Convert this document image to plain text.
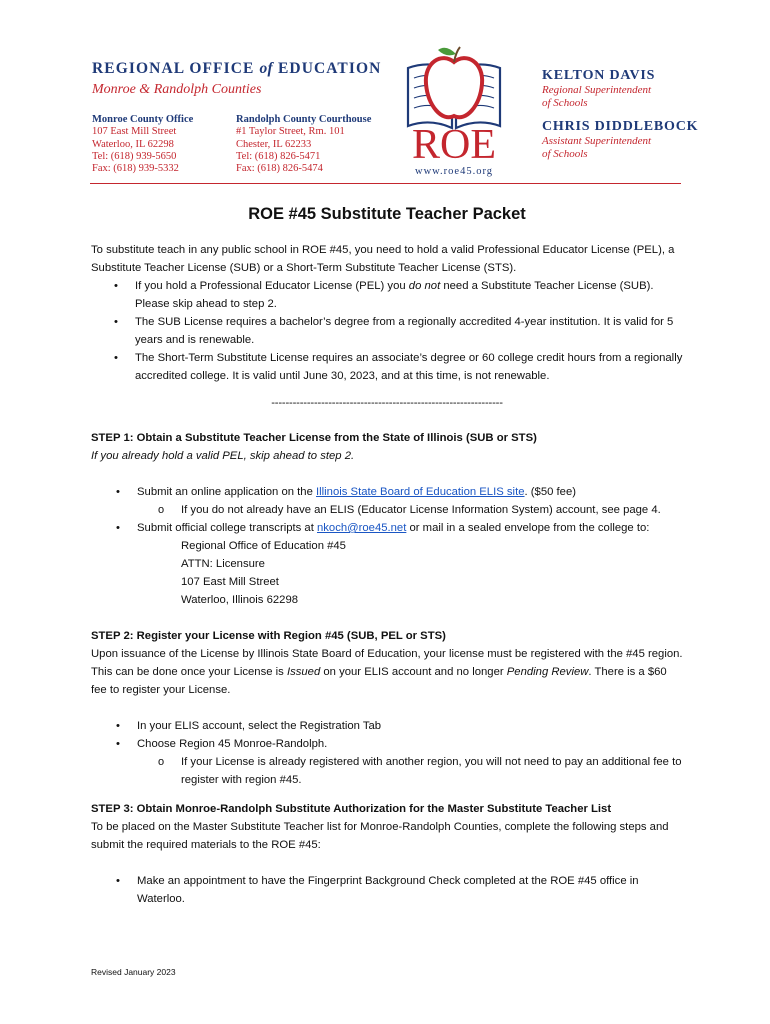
REGIONAL OFFICE of EDUCATION
Monroe & Randolph Counties
Monroe County Office
107 East Mill Street
Waterloo, IL 62298
Tel: (618) 939-5650
Fax: (618) 939-5332
Randolph County Courthouse
#1 Taylor Street, Rm. 101
Chester, IL 62233
Tel: (618) 826-5471
Fax: (618) 826-5474
ROE
www.roe45.org
KELTON DAVIS
Regional Superintendent
of Schools
CHRIS DIDDLEBOCK
Assistant Superintendent
of Schools
ROE #45 Substitute Teacher Packet

To substitute teach in any public school in ROE #45, you need to hold a valid Professional Educator License (PEL), a Substitute Teacher License (SUB) or a Short-Term Substitute Teacher License (STS).

• If you hold a Professional Educator License (PEL) you do not need a Substitute Teacher License (SUB). Please skip ahead to step 2.
• The SUB License requires a bachelor’s degree from a regionally accredited 4-year institution. It is valid for 5 years and is renewable.
• The Short-Term Substitute License requires an associate’s degree or 60 college credit hours from a regionally accredited college. It is valid until June 30, 2023, and at this time, is not renewable.
-----------------------------------------------------------------
STEP 1: Obtain a Substitute Teacher License from the State of Illinois (SUB or STS)

If you already hold a valid PEL, skip ahead to step 2.

• Submit an online application on the Illinois State Board of Education ELIS site. ($50 fee)
o If you do not already have an ELIS (Educator License Information System) account, see page 4.
• Submit official college transcripts at nkoch@roe45.net or mail in a sealed envelope from the college to:
Regional Office of Education #45
ATTN: Licensure
107 East Mill Street
Waterloo, Illinois 62298
STEP 2: Register your License with Region #45 (SUB, PEL or STS)

Upon issuance of the License by Illinois State Board of Education, your license must be registered with the #45 region. This can be done once your License is Issued on your ELIS account and no longer Pending Review. There is a $60 fee to register your License.

• In your ELIS account, select the Registration Tab
• Choose Region 45 Monroe-Randolph.
o If your License is already registered with another region, you will not need to pay an additional fee to register with region #45.
STEP 3: Obtain Monroe-Randolph Substitute Authorization for the Master Substitute Teacher List

To be placed on the Master Substitute Teacher list for Monroe-Randolph Counties, complete the following steps and submit the required materials to the ROE #45:

• Make an appointment to have the Fingerprint Background Check completed at the ROE #45 office in Waterloo.
Revised January 2023
